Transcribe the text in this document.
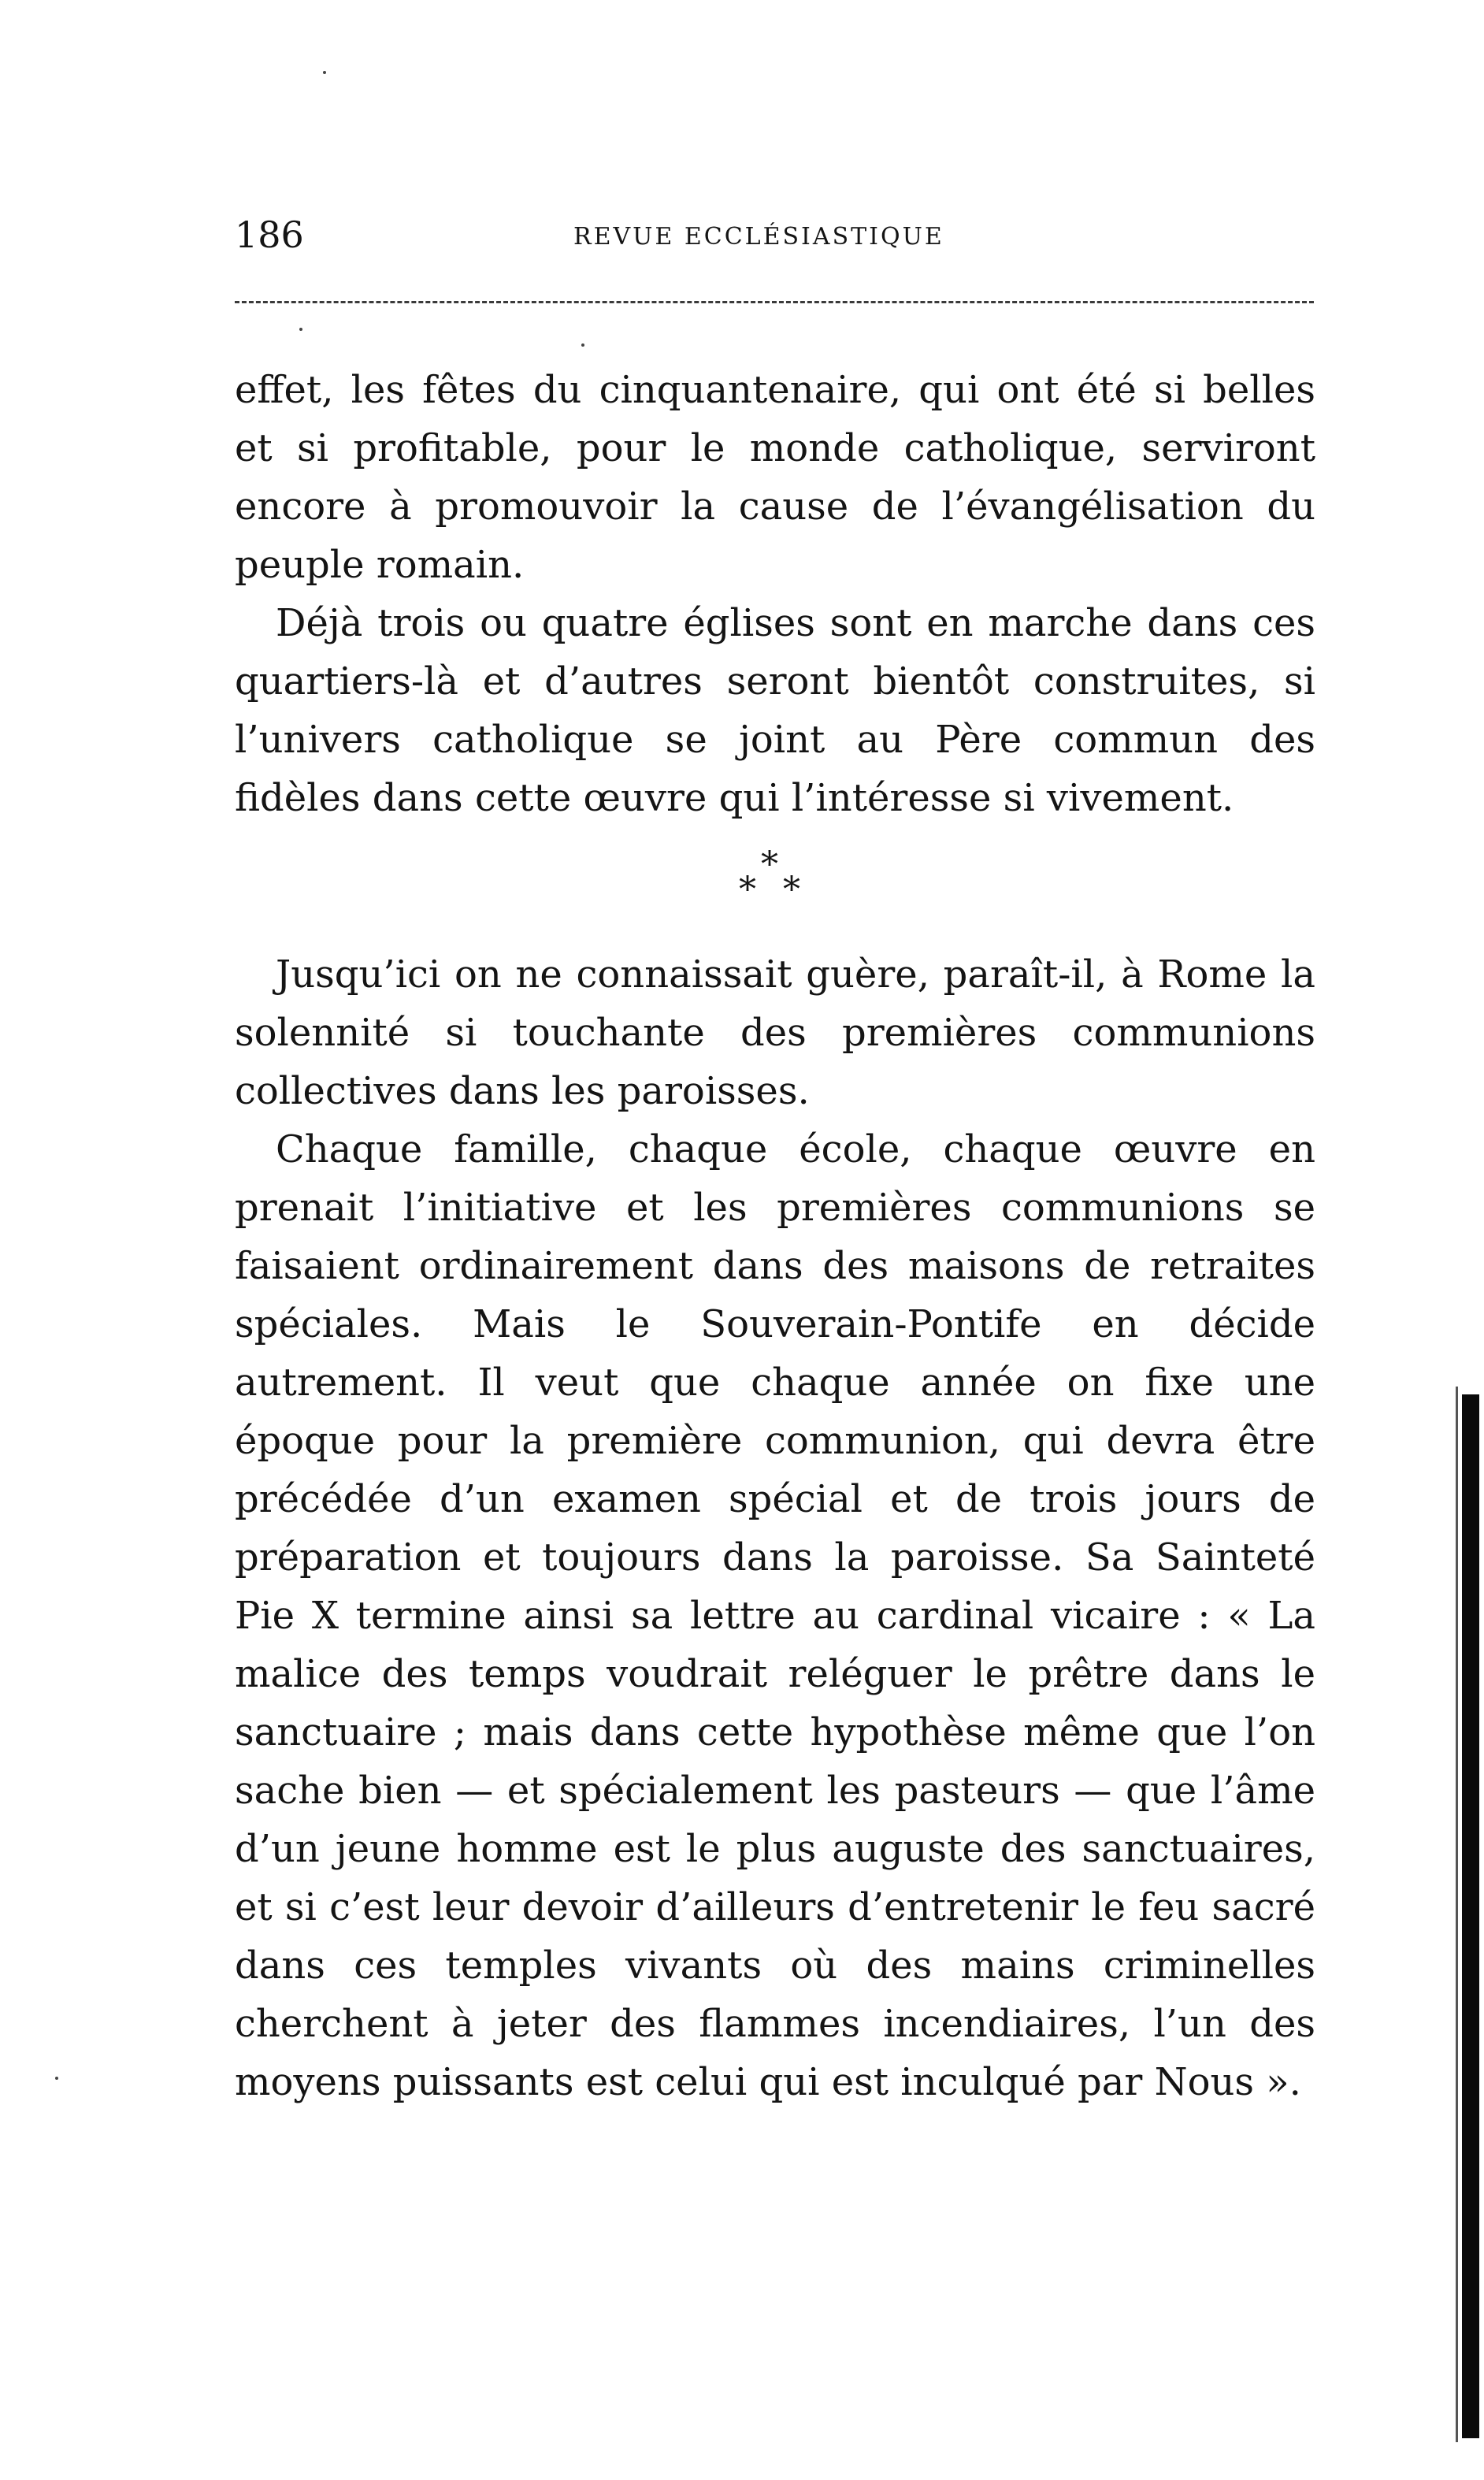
186	REVUE ECCLÉSIASTIQUE

effet, les fêtes du cinquantenaire, qui ont été si belles et si profitable, pour le monde catholique, serviront encore à promouvoir la cause de l’évangélisation du peuple romain.

Déjà trois ou quatre églises sont en marche dans ces quartiers-là et d’autres seront bientôt construites, si l’univers catholique se joint au Père commun des fidèles dans cette œuvre qui l’intéresse si vivement.

*
* *

Jusqu’ici on ne connaissait guère, paraît-il, à Rome la solennité si touchante des premières communions collectives dans les paroisses.

Chaque famille, chaque école, chaque œuvre en prenait l’initiative et les premières communions se faisaient ordinairement dans des maisons de retraites spéciales. Mais le Souverain-Pontife en décide autrement. Il veut que chaque année on fixe une époque pour la première communion, qui devra être précédée d’un examen spécial et de trois jours de préparation et toujours dans la paroisse. Sa Sainteté Pie X termine ainsi sa lettre au cardinal vicaire : « La malice des temps voudrait reléguer le prêtre dans le sanctuaire ; mais dans cette hypothèse même que l’on sache bien — et spécialement les pasteurs — que l’âme d’un jeune homme est le plus auguste des sanctuaires, et si c’est leur devoir d’ailleurs d’entretenir le feu sacré dans ces temples vivants où des mains criminelles cherchent à jeter des flammes incendiaires, l’un des moyens puissants est celui qui est inculqué par Nous ».
